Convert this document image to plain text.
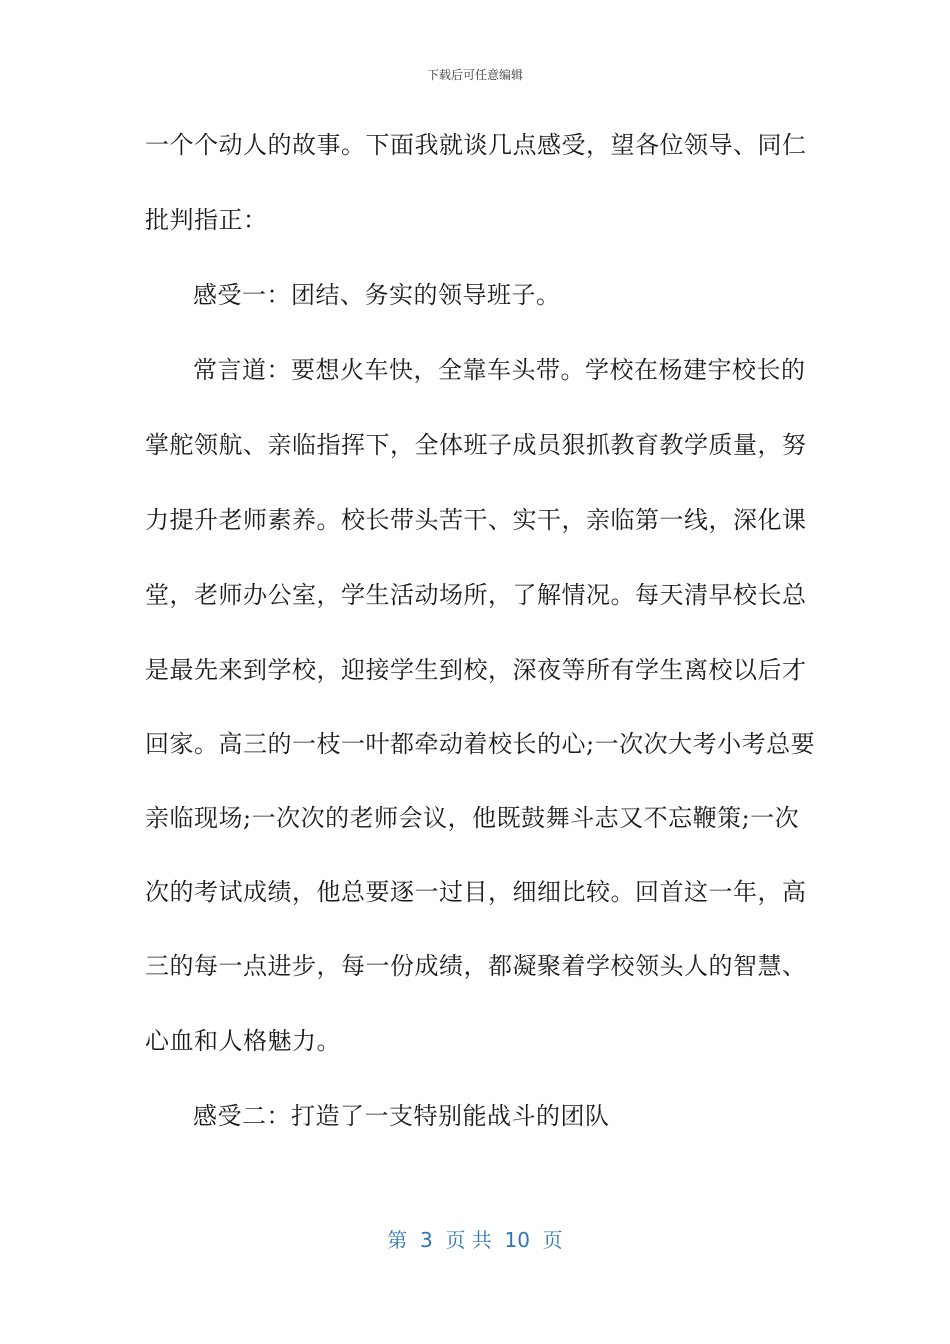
下载后可任意编辑
一个个动人的故事。下面我就谈几点感受，望各位领导、同仁
批判指正：
感受一：团结、务实的领导班子。
常言道：要想火车快，全靠车头带。学校在杨建宇校长的
掌舵领航、亲临指挥下，全体班子成员狠抓教育教学质量，努
力提升老师素养。校长带头苦干、实干，亲临第一线，深化课
堂，老师办公室，学生活动场所，了解情况。每天清早校长总
是最先来到学校，迎接学生到校，深夜等所有学生离校以后才
回家。高三的一枝一叶都牵动着校长的心;一次次大考小考总要
亲临现场;一次次的老师会议，他既鼓舞斗志又不忘鞭策;一次
次的考试成绩，他总要逐一过目，细细比较。回首这一年，高
三的每一点进步，每一份成绩，都凝聚着学校领头人的智慧、
心血和人格魅力。
感受二：打造了一支特别能战斗的团队
第  3  页 共  10  页
